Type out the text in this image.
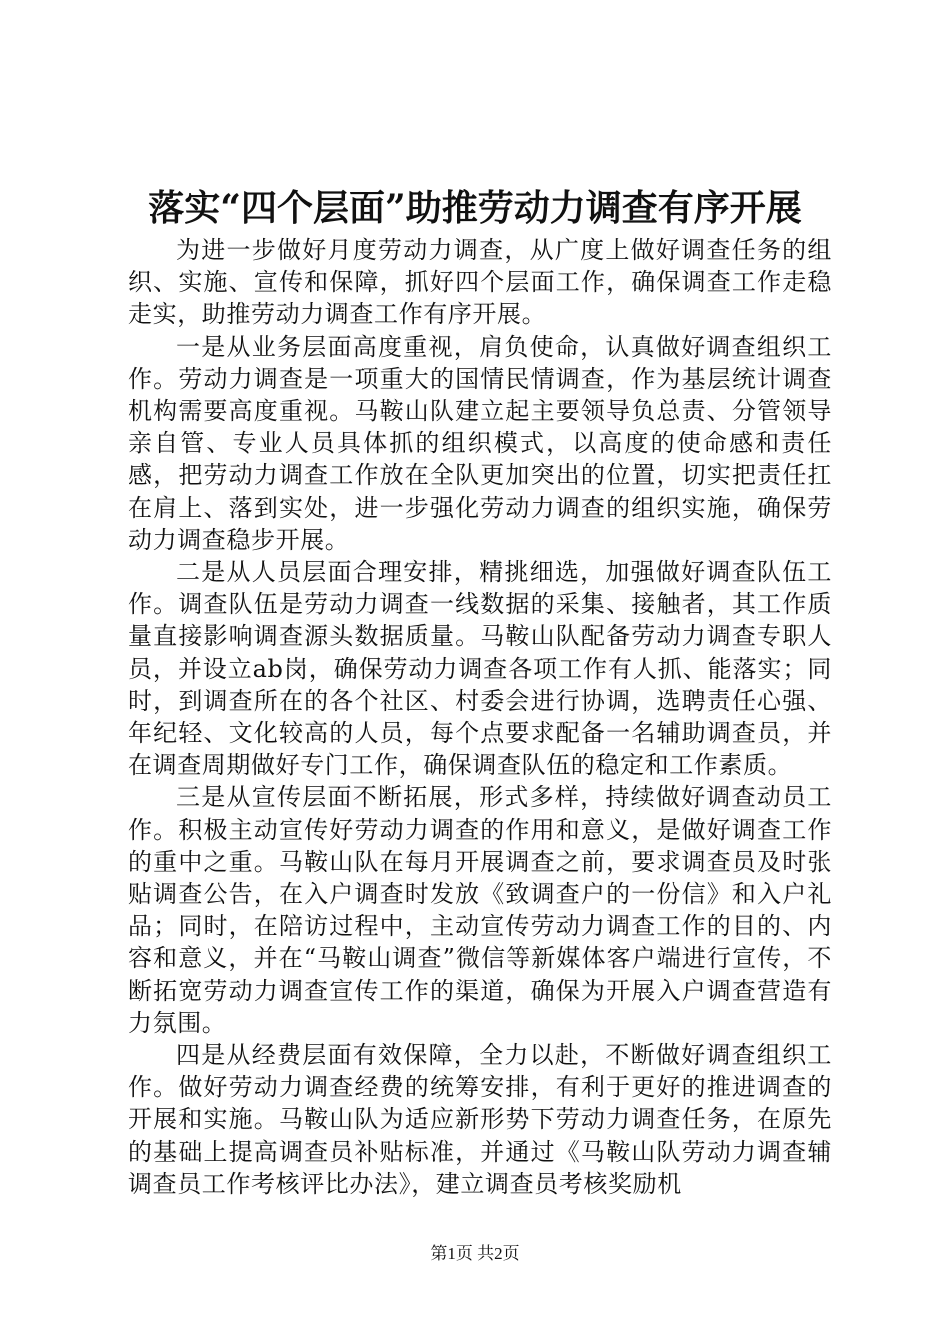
落实“四个层面”助推劳动力调查有序开展

为进一步做好月度劳动力调查，从广度上做好调查任务的组织、实施、宣传和保障，抓好四个层面工作，确保调查工作走稳走实，助推劳动力调查工作有序开展。

一是从业务层面高度重视，肩负使命，认真做好调查组织工作。劳动力调查是一项重大的国情民情调查，作为基层统计调查机构需要高度重视。马鞍山队建立起主要领导负总责、分管领导亲自管、专业人员具体抓的组织模式，以高度的使命感和责任感，把劳动力调查工作放在全队更加突出的位置，切实把责任扛在肩上、落到实处，进一步强化劳动力调查的组织实施，确保劳动力调查稳步开展。

二是从人员层面合理安排，精挑细选，加强做好调查队伍工作。调查队伍是劳动力调查一线数据的采集、接触者，其工作质量直接影响调查源头数据质量。马鞍山队配备劳动力调查专职人员，并设立ab岗，确保劳动力调查各项工作有人抓、能落实；同时，到调查所在的各个社区、村委会进行协调，选聘责任心强、年纪轻、文化较高的人员，每个点要求配备一名辅助调查员，并在调查周期做好专门工作，确保调查队伍的稳定和工作素质。

三是从宣传层面不断拓展，形式多样，持续做好调查动员工作。积极主动宣传好劳动力调查的作用和意义，是做好调查工作的重中之重。马鞍山队在每月开展调查之前，要求调查员及时张贴调查公告，在入户调查时发放《致调查户的一份信》和入户礼品；同时，在陪访过程中，主动宣传劳动力调查工作的目的、内容和意义，并在“马鞍山调查”微信等新媒体客户端进行宣传，不断拓宽劳动力调查宣传工作的渠道，确保为开展入户调查营造有力氛围。

四是从经费层面有效保障，全力以赴，不断做好调查组织工作。做好劳动力调查经费的统筹安排，有利于更好的推进调查的开展和实施。马鞍山队为适应新形势下劳动力调查任务，在原先的基础上提高调查员补贴标准，并通过《马鞍山队劳动力调查辅调查员工作考核评比办法》，建立调查员考核奖励机

第1页 共2页
